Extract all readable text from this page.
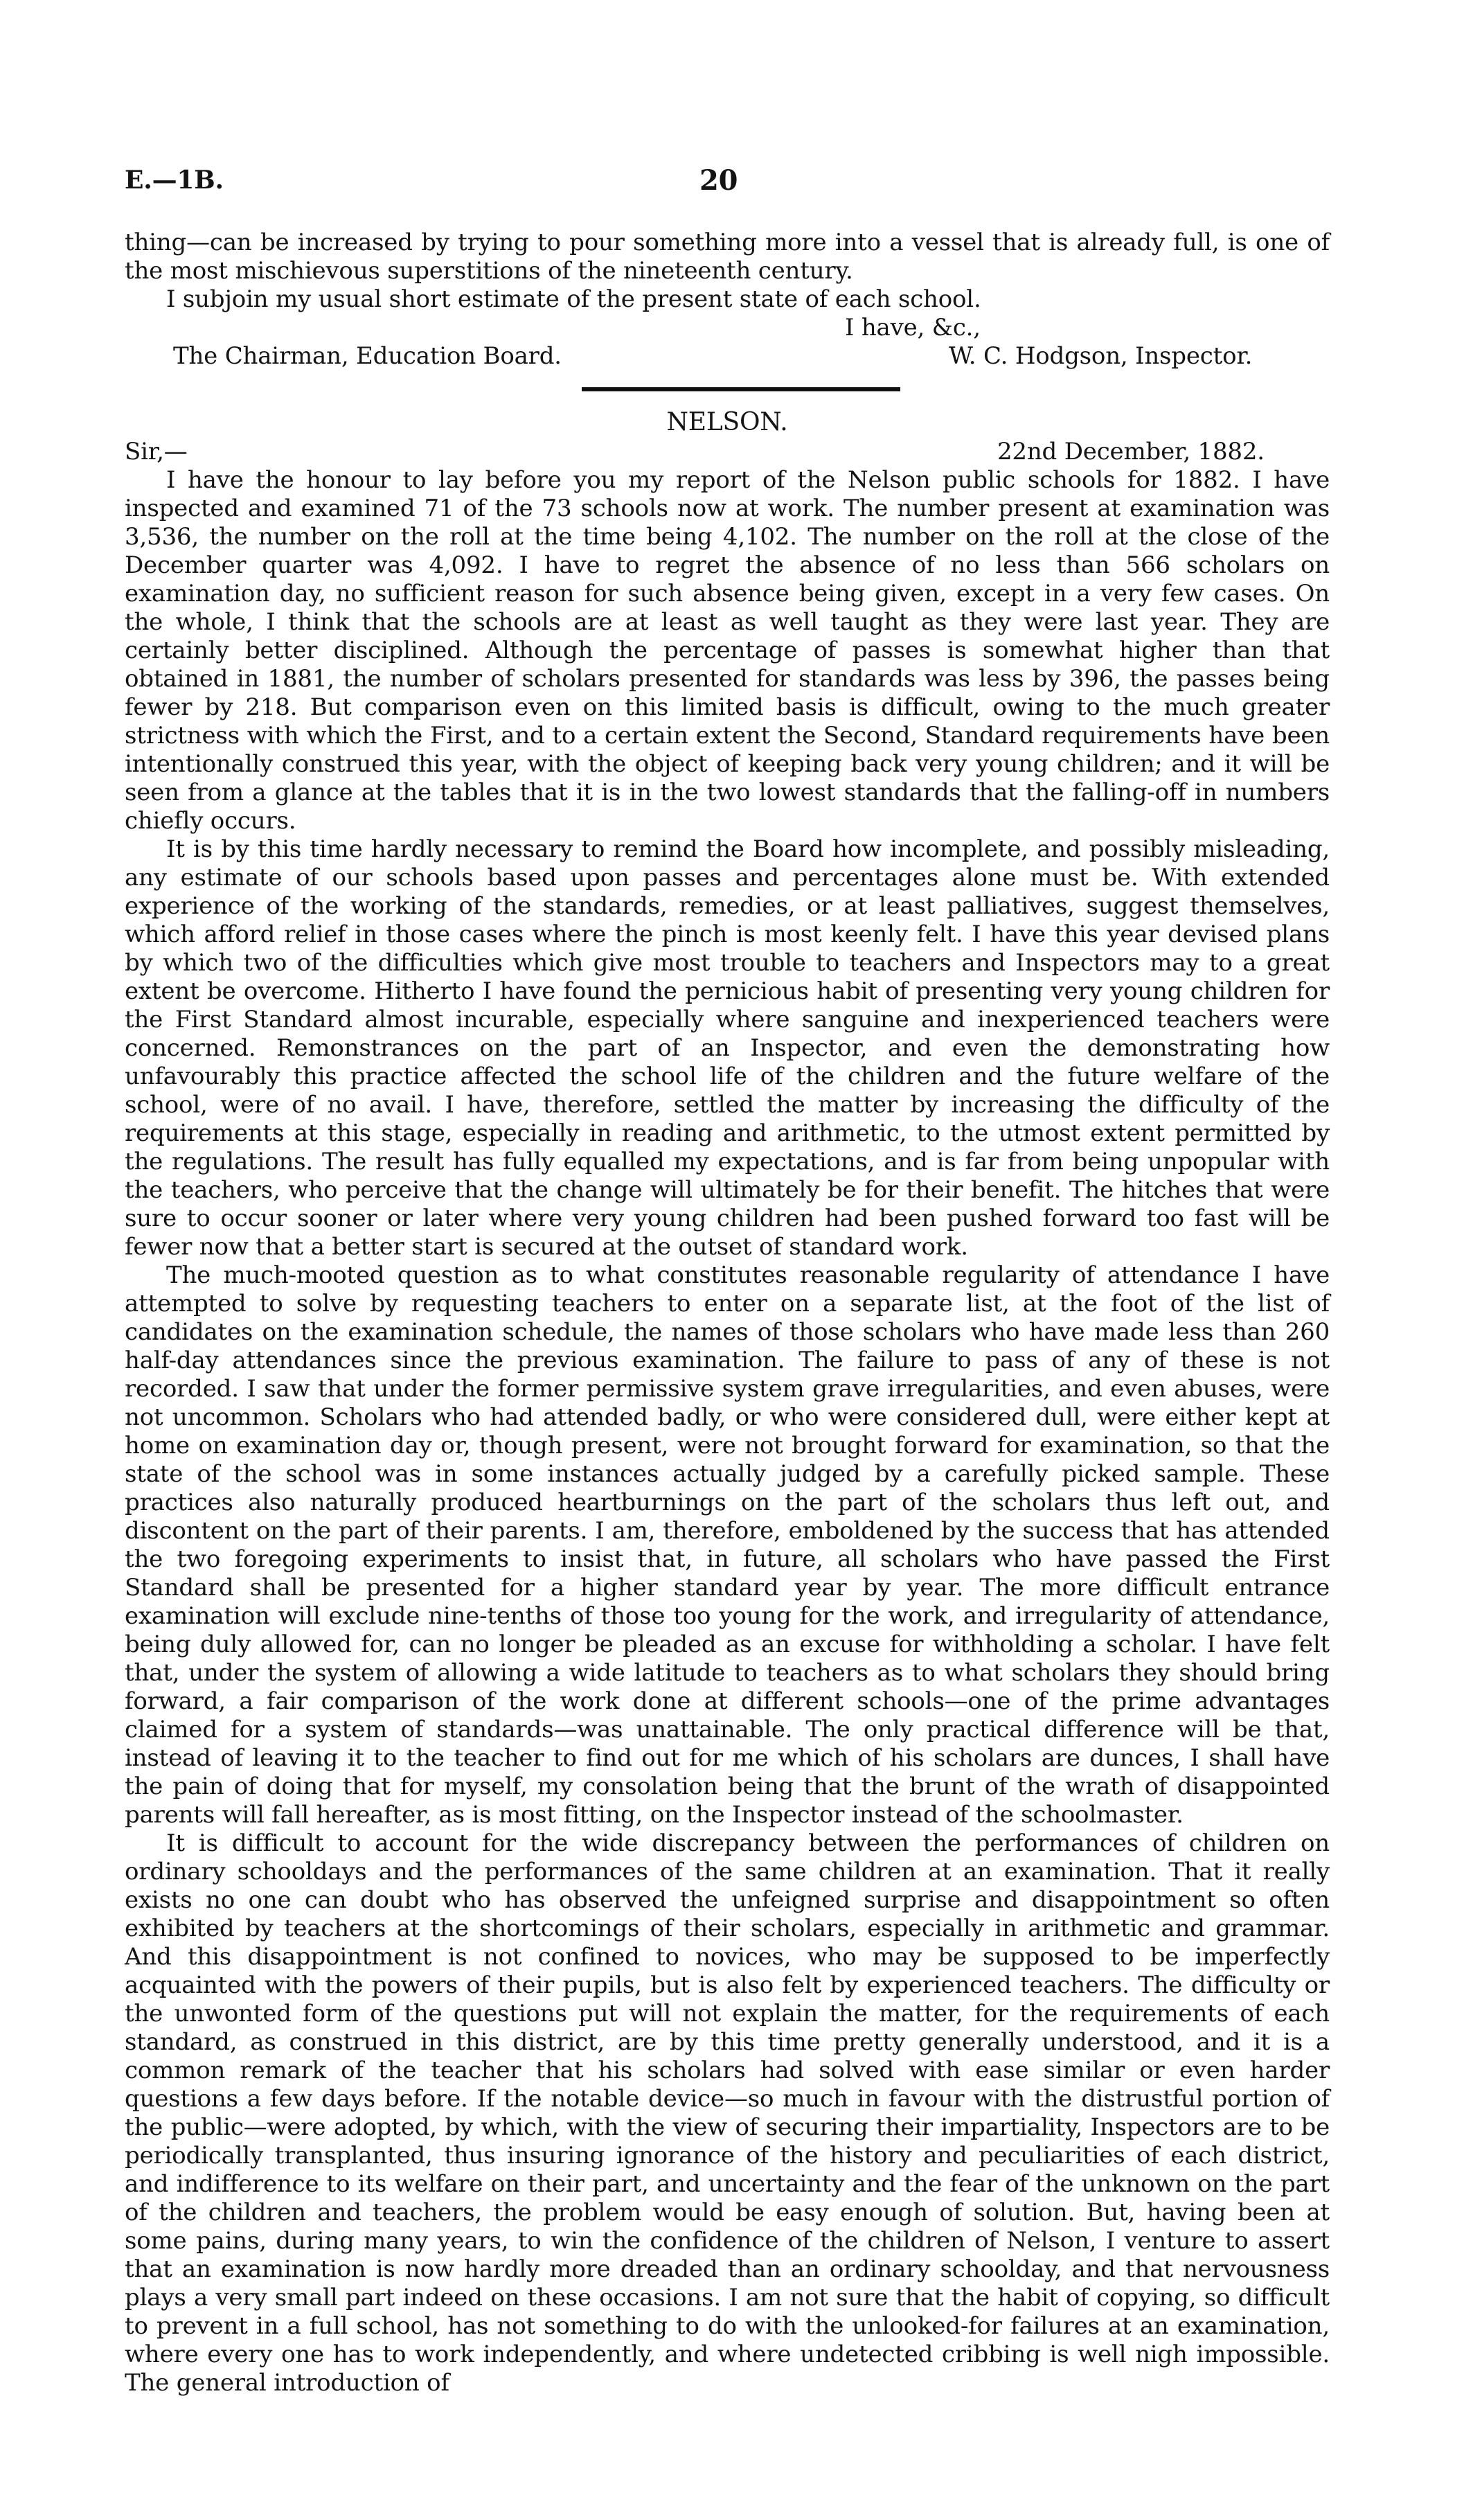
E.—1B.	20

thing—can be increased by trying to pour something more into a vessel that is already full, is one of the most mischievous superstitions of the nineteenth century.

I subjoin my usual short estimate of the present state of each school.

I have, &c.,
The Chairman, Education Board.	W. C. Hodgson, Inspector.
NELSON.
Sir,—	22nd December, 1882.

I have the honour to lay before you my report of the Nelson public schools for 1882. I have inspected and examined 71 of the 73 schools now at work. The number present at examination was 3,536, the number on the roll at the time being 4,102. The number on the roll at the close of the December quarter was 4,092. I have to regret the absence of no less than 566 scholars on examination day, no sufficient reason for such absence being given, except in a very few cases. On the whole, I think that the schools are at least as well taught as they were last year. They are certainly better disciplined. Although the percentage of passes is somewhat higher than that obtained in 1881, the number of scholars presented for standards was less by 396, the passes being fewer by 218. But comparison even on this limited basis is difficult, owing to the much greater strictness with which the First, and to a certain extent the Second, Standard requirements have been intentionally construed this year, with the object of keeping back very young children; and it will be seen from a glance at the tables that it is in the two lowest standards that the falling-off in numbers chiefly occurs.

It is by this time hardly necessary to remind the Board how incomplete, and possibly misleading, any estimate of our schools based upon passes and percentages alone must be. With extended experience of the working of the standards, remedies, or at least palliatives, suggest themselves, which afford relief in those cases where the pinch is most keenly felt. I have this year devised plans by which two of the difficulties which give most trouble to teachers and Inspectors may to a great extent be overcome. Hitherto I have found the pernicious habit of presenting very young children for the First Standard almost incurable, especially where sanguine and inexperienced teachers were concerned. Remonstrances on the part of an Inspector, and even the demonstrating how unfavourably this practice affected the school life of the children and the future welfare of the school, were of no avail. I have, therefore, settled the matter by increasing the difficulty of the requirements at this stage, especially in reading and arithmetic, to the utmost extent permitted by the regulations. The result has fully equalled my expectations, and is far from being unpopular with the teachers, who perceive that the change will ultimately be for their benefit. The hitches that were sure to occur sooner or later where very young children had been pushed forward too fast will be fewer now that a better start is secured at the outset of standard work.

The much-mooted question as to what constitutes reasonable regularity of attendance I have attempted to solve by requesting teachers to enter on a separate list, at the foot of the list of candidates on the examination schedule, the names of those scholars who have made less than 260 half-day attendances since the previous examination. The failure to pass of any of these is not recorded. I saw that under the former permissive system grave irregularities, and even abuses, were not uncommon. Scholars who had attended badly, or who were considered dull, were either kept at home on examination day or, though present, were not brought forward for examination, so that the state of the school was in some instances actually judged by a carefully picked sample. These practices also naturally produced heartburnings on the part of the scholars thus left out, and discontent on the part of their parents. I am, therefore, emboldened by the success that has attended the two foregoing experiments to insist that, in future, all scholars who have passed the First Standard shall be presented for a higher standard year by year. The more difficult entrance examination will exclude nine-tenths of those too young for the work, and irregularity of attendance, being duly allowed for, can no longer be pleaded as an excuse for withholding a scholar. I have felt that, under the system of allowing a wide latitude to teachers as to what scholars they should bring forward, a fair comparison of the work done at different schools—one of the prime advantages claimed for a system of standards—was unattainable. The only practical difference will be that, instead of leaving it to the teacher to find out for me which of his scholars are dunces, I shall have the pain of doing that for myself, my consolation being that the brunt of the wrath of disappointed parents will fall hereafter, as is most fitting, on the Inspector instead of the schoolmaster.

It is difficult to account for the wide discrepancy between the performances of children on ordinary schooldays and the performances of the same children at an examination. That it really exists no one can doubt who has observed the unfeigned surprise and disappointment so often exhibited by teachers at the shortcomings of their scholars, especially in arithmetic and grammar. And this disappointment is not confined to novices, who may be supposed to be imperfectly acquainted with the powers of their pupils, but is also felt by experienced teachers. The difficulty or the unwonted form of the questions put will not explain the matter, for the requirements of each standard, as construed in this district, are by this time pretty generally understood, and it is a common remark of the teacher that his scholars had solved with ease similar or even harder questions a few days before. If the notable device—so much in favour with the distrustful portion of the public—were adopted, by which, with the view of securing their impartiality, Inspectors are to be periodically transplanted, thus insuring ignorance of the history and peculiarities of each district, and indifference to its welfare on their part, and uncertainty and the fear of the unknown on the part of the children and teachers, the problem would be easy enough of solution. But, having been at some pains, during many years, to win the confidence of the children of Nelson, I venture to assert that an examination is now hardly more dreaded than an ordinary schoolday, and that nervousness plays a very small part indeed on these occasions. I am not sure that the habit of copying, so difficult to prevent in a full school, has not something to do with the unlooked-for failures at an examination, where every one has to work independently, and where undetected cribbing is well nigh impossible. The general introduction of
